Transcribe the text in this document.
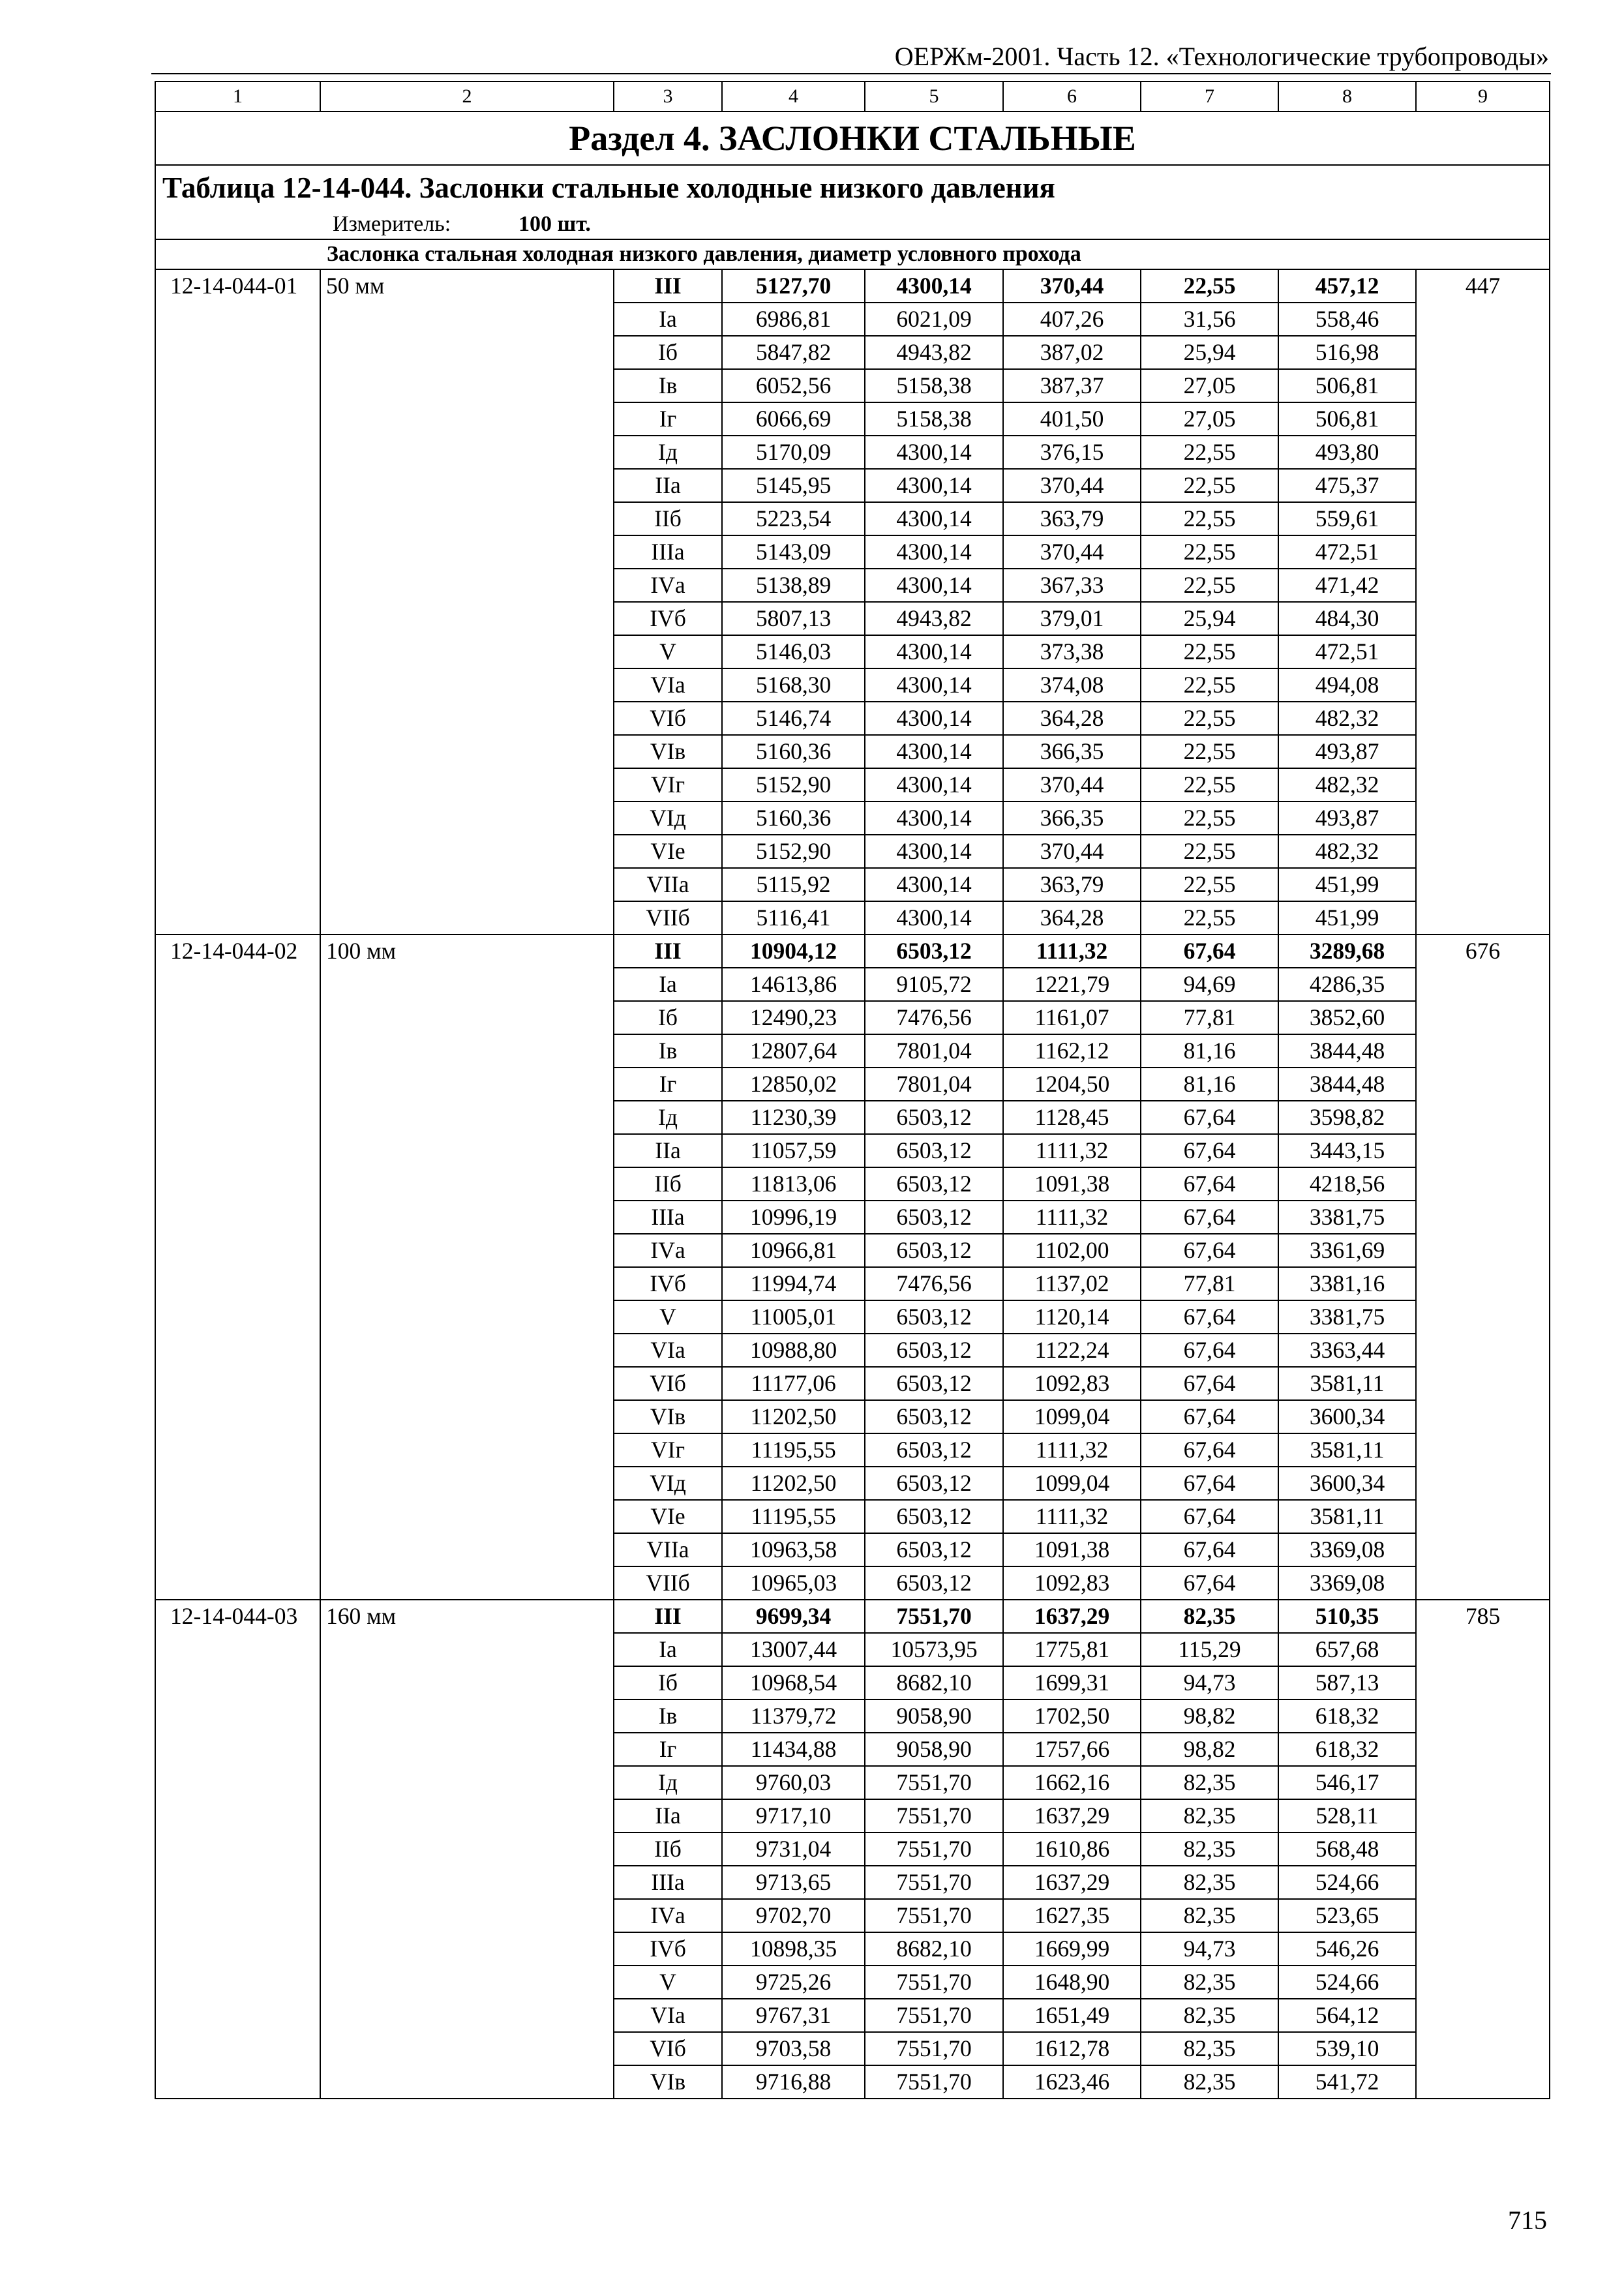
ОЕРЖм-2001. Часть 12. «Технологические трубопроводы»
1	2	3	4	5	6	7	8	9
Раздел 4. ЗАСЛОНКИ СТАЛЬНЫЕ								
Таблица 12-14-044. Заслонки стальные холодные низкого давления								
Измеритель: 100 шт.								
Заслонка стальная холодная низкого давления, диаметр условного прохода								
12-14-044-01	50 мм	III	5127,70	4300,14	370,44	22,55	457,12	447
		Iа	6986,81	6021,09	407,26	31,56	558,46	
		Iб	5847,82	4943,82	387,02	25,94	516,98	
		Iв	6052,56	5158,38	387,37	27,05	506,81	
		Iг	6066,69	5158,38	401,50	27,05	506,81	
		Iд	5170,09	4300,14	376,15	22,55	493,80	
		IIа	5145,95	4300,14	370,44	22,55	475,37	
		IIб	5223,54	4300,14	363,79	22,55	559,61	
		IIIа	5143,09	4300,14	370,44	22,55	472,51	
		IVа	5138,89	4300,14	367,33	22,55	471,42	
		IVб	5807,13	4943,82	379,01	25,94	484,30	
		V	5146,03	4300,14	373,38	22,55	472,51	
		VIа	5168,30	4300,14	374,08	22,55	494,08	
		VIб	5146,74	4300,14	364,28	22,55	482,32	
		VIв	5160,36	4300,14	366,35	22,55	493,87	
		VIг	5152,90	4300,14	370,44	22,55	482,32	
		VIд	5160,36	4300,14	366,35	22,55	493,87	
		VIе	5152,90	4300,14	370,44	22,55	482,32	
		VIIа	5115,92	4300,14	363,79	22,55	451,99	
		VIIб	5116,41	4300,14	364,28	22,55	451,99	
12-14-044-02	100 мм	III	10904,12	6503,12	1111,32	67,64	3289,68	676
		Iа	14613,86	9105,72	1221,79	94,69	4286,35	
		Iб	12490,23	7476,56	1161,07	77,81	3852,60	
		Iв	12807,64	7801,04	1162,12	81,16	3844,48	
		Iг	12850,02	7801,04	1204,50	81,16	3844,48	
		Iд	11230,39	6503,12	1128,45	67,64	3598,82	
		IIа	11057,59	6503,12	1111,32	67,64	3443,15	
		IIб	11813,06	6503,12	1091,38	67,64	4218,56	
		IIIа	10996,19	6503,12	1111,32	67,64	3381,75	
		IVа	10966,81	6503,12	1102,00	67,64	3361,69	
		IVб	11994,74	7476,56	1137,02	77,81	3381,16	
		V	11005,01	6503,12	1120,14	67,64	3381,75	
		VIа	10988,80	6503,12	1122,24	67,64	3363,44	
		VIб	11177,06	6503,12	1092,83	67,64	3581,11	
		VIв	11202,50	6503,12	1099,04	67,64	3600,34	
		VIг	11195,55	6503,12	1111,32	67,64	3581,11	
		VIд	11202,50	6503,12	1099,04	67,64	3600,34	
		VIе	11195,55	6503,12	1111,32	67,64	3581,11	
		VIIа	10963,58	6503,12	1091,38	67,64	3369,08	
		VIIб	10965,03	6503,12	1092,83	67,64	3369,08	
12-14-044-03	160 мм	III	9699,34	7551,70	1637,29	82,35	510,35	785
		Iа	13007,44	10573,95	1775,81	115,29	657,68	
		Iб	10968,54	8682,10	1699,31	94,73	587,13	
		Iв	11379,72	9058,90	1702,50	98,82	618,32	
		Iг	11434,88	9058,90	1757,66	98,82	618,32	
		Iд	9760,03	7551,70	1662,16	82,35	546,17	
		IIа	9717,10	7551,70	1637,29	82,35	528,11	
		IIб	9731,04	7551,70	1610,86	82,35	568,48	
		IIIа	9713,65	7551,70	1637,29	82,35	524,66	
		IVа	9702,70	7551,70	1627,35	82,35	523,65	
		IVб	10898,35	8682,10	1669,99	94,73	546,26	
		V	9725,26	7551,70	1648,90	82,35	524,66	
		VIа	9767,31	7551,70	1651,49	82,35	564,12	
		VIб	9703,58	7551,70	1612,78	82,35	539,10	
		VIв	9716,88	7551,70	1623,46	82,35	541,72	
715
